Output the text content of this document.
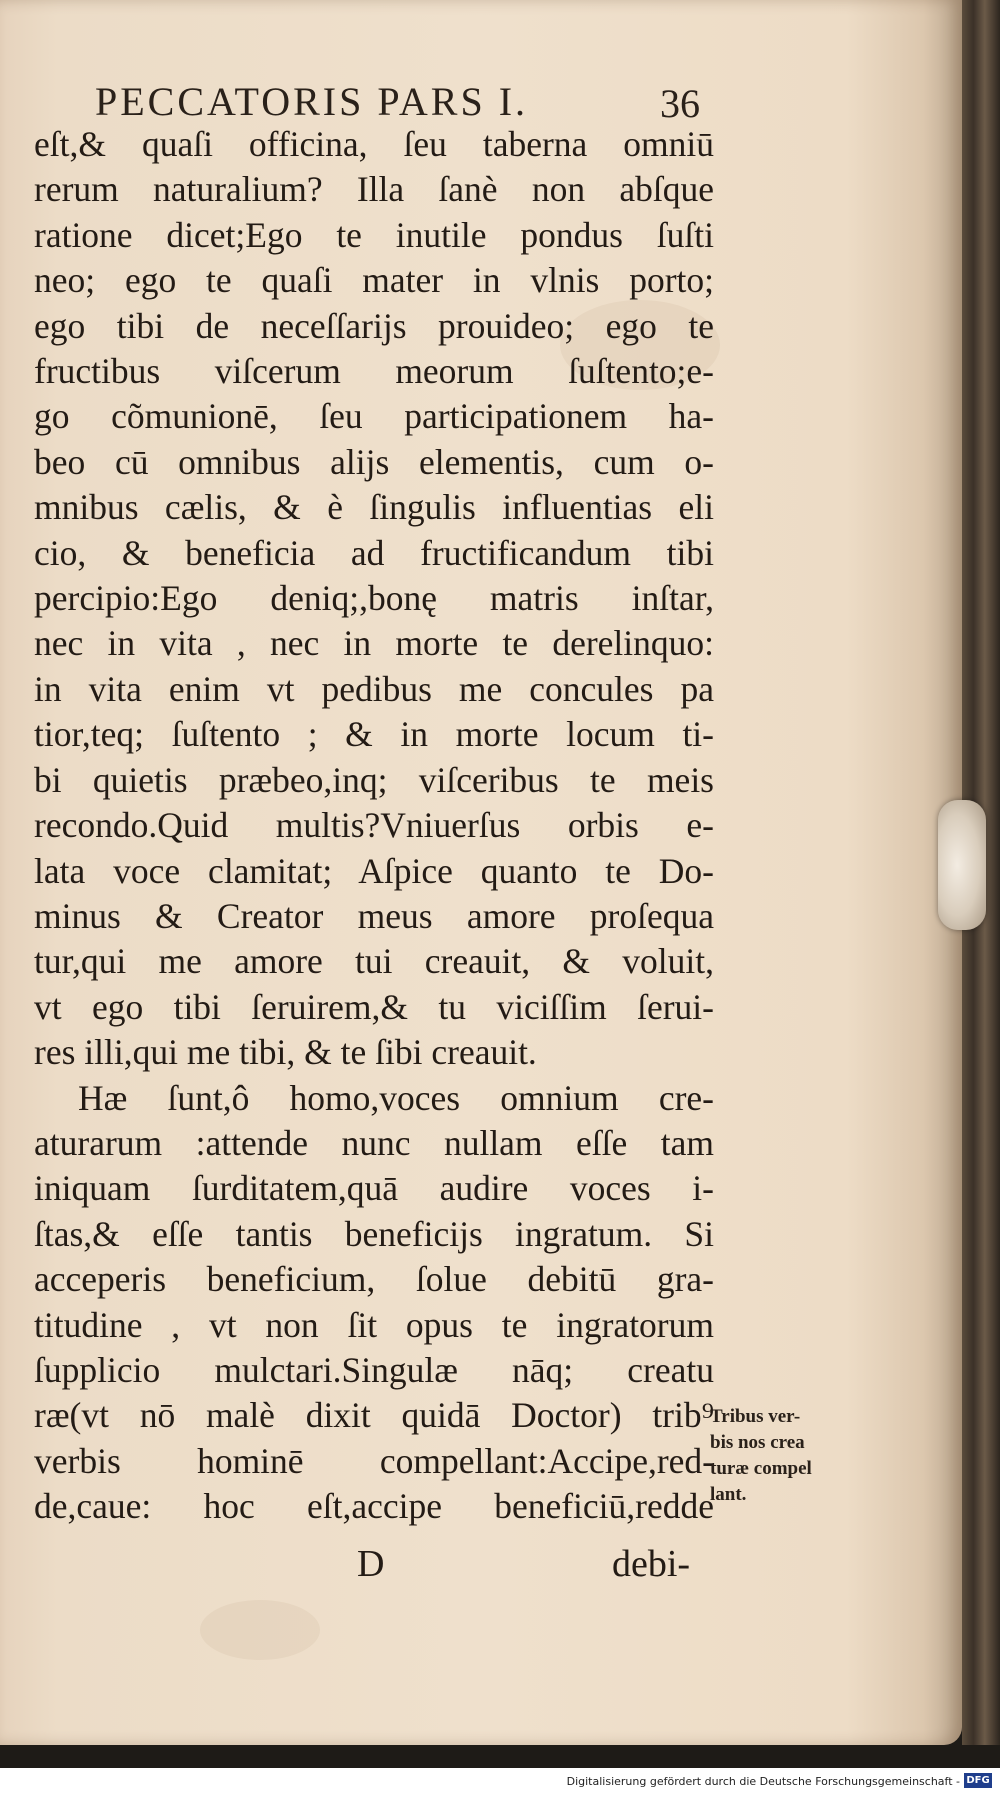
PECCATORIS PARS I.	36
eſt,& quaſi officina, ſeu taberna omniū
rerum naturalium? Illa ſanè non abſque
ratione dicet;Ego te inutile pondus ſuſti
neo; ego te quaſi mater in vlnis porto;
ego tibi de neceſſarijs prouideo; ego te
fructibus viſcerum meorum ſuſtento;e-
go cõmunionē, ſeu participationem ha-
beo cū omnibus alijs elementis, cum o-
mnibus cælis, & è ſingulis influentias eli
cio, & beneficia ad fructificandum tibi
percipio:Ego deniq;,bonę matris inſtar,
nec in vita , nec in morte te derelinquo:
in vita enim vt pedibus me concules pa
tior,teq; ſuſtento ; & in morte locum ti-
bi quietis præbeo,inq; viſceribus te meis
recondo.Quid multis?Vniuerſus orbis e-
lata voce clamitat; Aſpice quanto te Do-
minus & Creator meus amore proſequa
tur,qui me amore tui creauit, & voluit,
vt ego tibi ſeruirem,& tu viciſſim ſerui-
res illi,qui me tibi, & te ſibi creauit.
Hæ ſunt,ô homo,voces omnium cre-
aturarum :attende nunc nullam eſſe tam
iniquam ſurditatem,quā audire voces i-
ſtas,& eſſe tantis beneficijs ingratum. Si
acceperis beneficium, ſolue debitū gra-
titudine , vt non ſit opus te ingratorum
ſupplicio mulctari.Singulæ nāq; creatu
ræ(vt nō malè dixit quidā Doctor) trib⁹
verbis hominē compellant:Accipe,red-
de,caue: hoc eſt,accipe beneficiū,redde
Tribus ver-
bis nos crea
turæ compel
lant.
D	debi-
Digitalisierung gefördert durch die Deutsche Forschungsgemeinschaft - DFG
